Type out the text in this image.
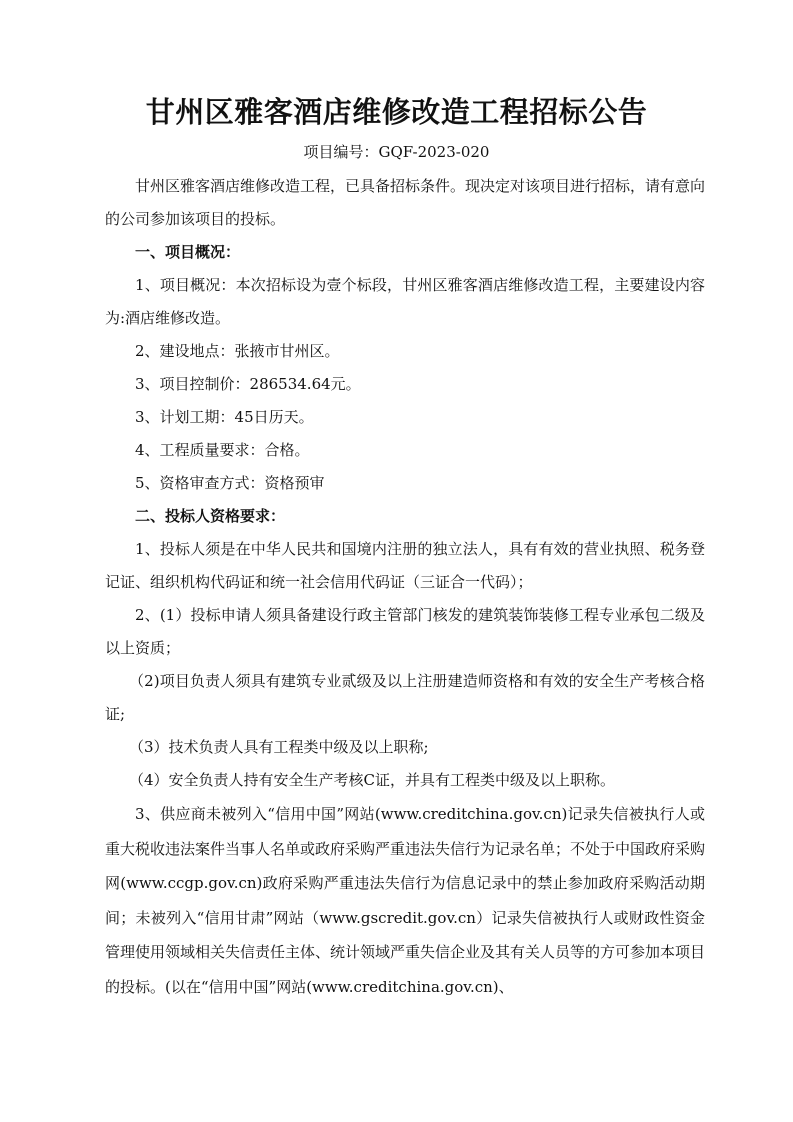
甘州区雅客酒店维修改造工程招标公告
项目编号：GQF-2023-020

甘州区雅客酒店维修改造工程，已具备招标条件。现决定对该项目进行招标，请有意向的公司参加该项目的投标。

一、项目概况：

1、项目概况：本次招标设为壹个标段，甘州区雅客酒店维修改造工程，主要建设内容为:酒店维修改造。

2、建设地点：张掖市甘州区。

3、项目控制价：286534.64元。

3、计划工期：45日历天。

4、工程质量要求：合格。

5、资格审查方式：资格预审

二、投标人资格要求：

1、投标人须是在中华人民共和国境内注册的独立法人，具有有效的营业执照、税务登记证、组织机构代码证和统一社会信用代码证（三证合一代码）；

2、(1）投标申请人须具备建设行政主管部门核发的建筑装饰装修工程专业承包二级及以上资质；

（2)项目负责人须具有建筑专业贰级及以上注册建造师资格和有效的安全生产考核合格证;

（3）技术负责人具有工程类中级及以上职称;

（4）安全负责人持有安全生产考核C证，并具有工程类中级及以上职称。

3、供应商未被列入“信用中国”网站(www.creditchina.gov.cn)记录失信被执行人或重大税收违法案件当事人名单或政府采购严重违法失信行为记录名单；不处于中国政府采购网(www.ccgp.gov.cn)政府采购严重违法失信行为信息记录中的禁止参加政府采购活动期间；未被列入“信用甘肃”网站（www.gscredit.gov.cn）记录失信被执行人或财政性资金管理使用领域相关失信责任主体、统计领域严重失信企业及其有关人员等的方可参加本项目的投标。(以在“信用中国”网站(www.creditchina.gov.cn)、
